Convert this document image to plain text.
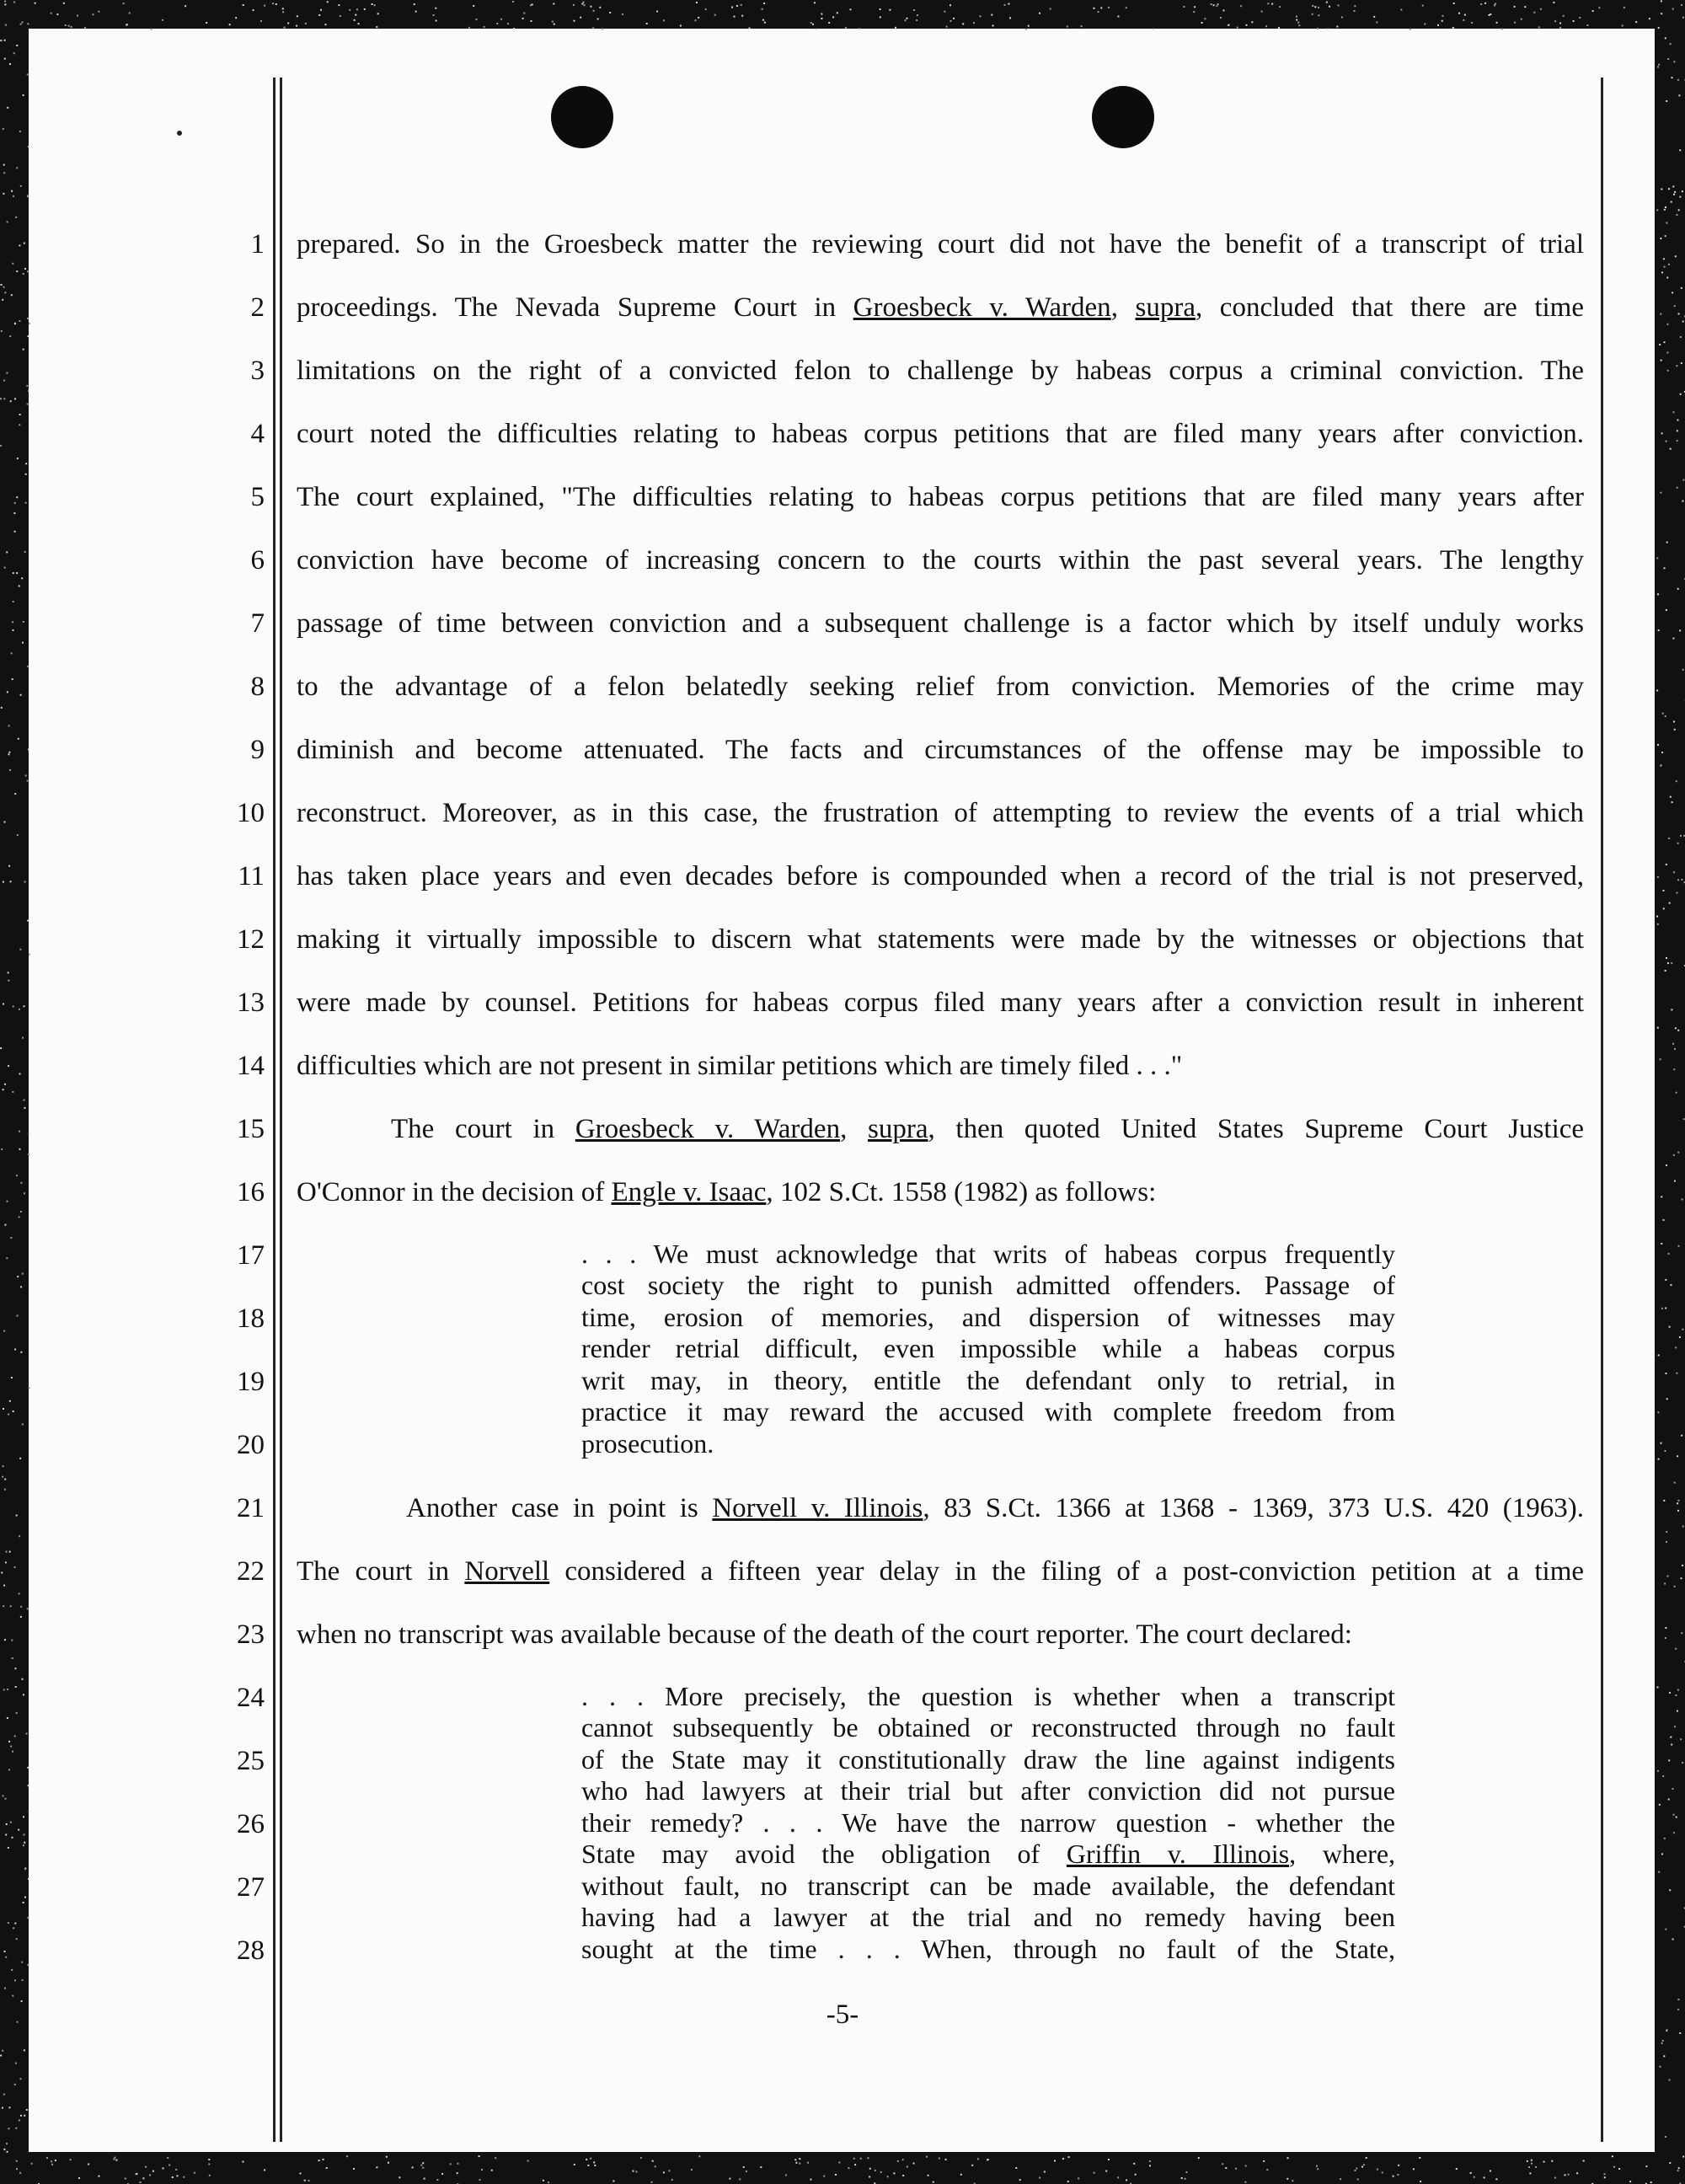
1
2
3
4
5
6
7
8
9
10
11
12
13
14
15
16
17
18
19
20
21
22
23
24
25
26
27
28
prepared. So in the Groesbeck matter the reviewing court did not have the benefit of a transcript of trial
proceedings. The Nevada Supreme Court in Groesbeck v. Warden, supra, concluded that there are time
limitations on the right of a convicted felon to challenge by habeas corpus a criminal conviction. The
court noted the difficulties relating to habeas corpus petitions that are filed many years after conviction.
The court explained, "The difficulties relating to habeas corpus petitions that are filed many years after
conviction have become of increasing concern to the courts within the past several years. The lengthy
passage of time between conviction and a subsequent challenge is a factor which by itself unduly works
to the advantage of a felon belatedly seeking relief from conviction. Memories of the crime may
diminish and become attenuated. The facts and circumstances of the offense may be impossible to
reconstruct. Moreover, as in this case, the frustration of attempting to review the events of a trial which
has taken place years and even decades before is compounded when a record of the trial is not preserved,
making it virtually impossible to discern what statements were made by the witnesses or objections that
were made by counsel. Petitions for habeas corpus filed many years after a conviction result in inherent
difficulties which are not present in similar petitions which are timely filed . . ."
The court in Groesbeck v. Warden, supra, then quoted United States Supreme Court Justice
O'Connor in the decision of Engle v. Isaac, 102 S.Ct. 1558 (1982) as follows:
Another case in point is Norvell v. Illinois, 83 S.Ct. 1366 at 1368 - 1369, 373 U.S. 420 (1963).
The court in Norvell considered a fifteen year delay in the filing of a post-conviction petition at a time
when no transcript was available because of the death of the court reporter. The court declared:
. . . We must acknowledge that writs of habeas corpus frequently
cost society the right to punish admitted offenders. Passage of
time, erosion of memories, and dispersion of witnesses may
render retrial difficult, even impossible while a habeas corpus
writ may, in theory, entitle the defendant only to retrial, in
practice it may reward the accused with complete freedom from
prosecution.
. . . More precisely, the question is whether when a transcript
cannot subsequently be obtained or reconstructed through no fault
of the State may it constitutionally draw the line against indigents
who had lawyers at their trial but after conviction did not pursue
their remedy? . . . We have the narrow question - whether the
State may avoid the obligation of Griffin v. Illinois, where,
without fault, no transcript can be made available, the defendant
having had a lawyer at the trial and no remedy having been
sought at the time . . . When, through no fault of the State,
-5-
